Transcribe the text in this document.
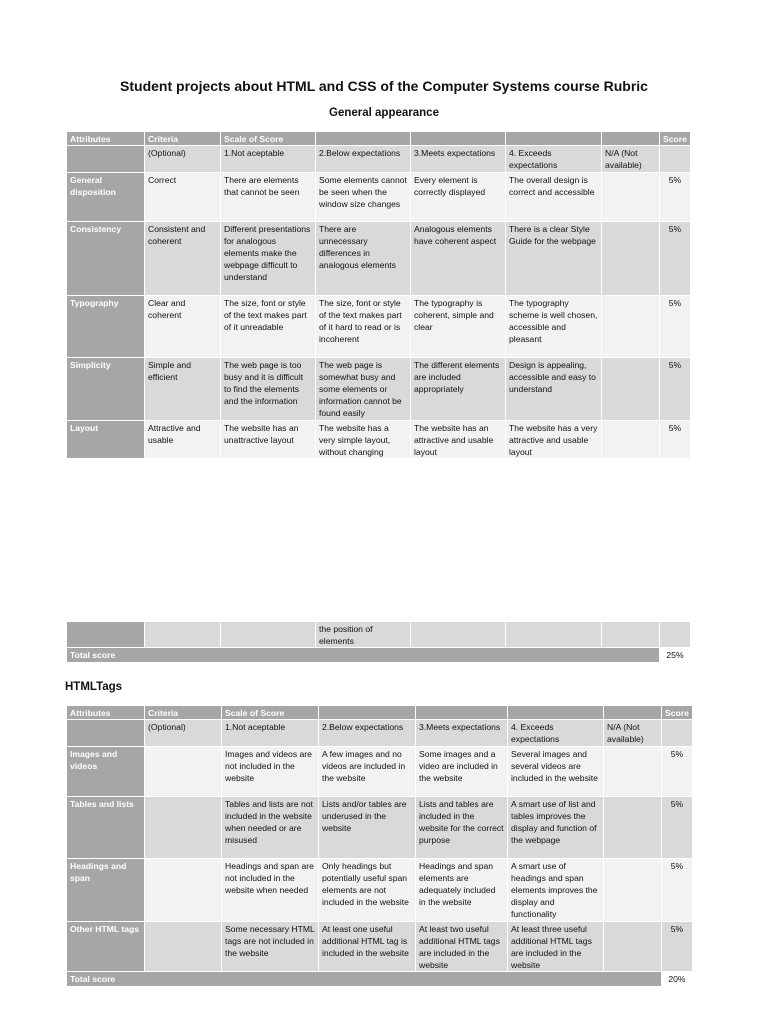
Student projects about HTML and CSS of the Computer Systems course Rubric
General appearance
Attributes	Criteria	Scale of Score					Score
	(Optional)	1.Not aceptable	2.Below expectations	3.Meets expectations	4. Exceeds expectations	N/A (Not available)	
General disposition	Correct	There are elements that cannot be seen	Some elements cannot be seen when the window size changes	Every element is correctly displayed	The overall design is correct and accessible		5%
Consistency	Consistent and coherent	Different presentations for analogous elements make the webpage difficult to understand	There are unnecessary differences in analogous elements	Analogous elements have coherent aspect	There is a clear Style Guide for the webpage		5%
Typography	Clear and coherent	The size, font or style of the text makes part of it unreadable	The size, font or style of the text makes part of it hard to read or is incoherent	The typography is coherent, simple and clear	The typography scheme is well chosen, accessible and pleasant		5%
Simplicity	Simple and efficient	The web page is too busy and it is difficult to find the elements and the information	The web page is somewhat busy and some elements or information cannot be found easily	The different elements are included appropriately	Design is appealing, accessible and easy to understand		5%
Layout	Attractive and usable	The website has an unattractive layout	The website has a very simple layout, without changing	The website has an attractive and usable layout	The website has a very attractive and usable layout		5%
			the position of elements				
Total score							25%
HTMLTags
Attributes	Criteria	Scale of Score					Score
	(Optional)	1.Not aceptable	2.Below expectations	3.Meets expectations	4. Exceeds expectations	N/A (Not available)	
Images and videos		Images and videos are not included in the website	A few images and no videos are included in the website	Some images and a video are included in the website	Several images and several videos are included in the website		5%
Tables and lists		Tables and lists are not included in the website when needed or are misused	Lists and/or tables are underused in the website	Lists and tables are included in the website for the correct purpose	A smart use of list and tables improves the display and function of the webpage		5%
Headings and span		Headings and span are not included in the website when needed	Only headings but potentially useful span elements are not included in the website	Headings and span elements are adequately included in the website	A smart use of headings and span elements improves the display and functionality		5%
Other HTML tags		Some necessary HTML tags are not included in the website	At least one useful additional HTML tag is included in the website	At least two useful additional HTML tags are included in the website	At least three useful additional HTML tags are included in the website		5%
Total score							20%
